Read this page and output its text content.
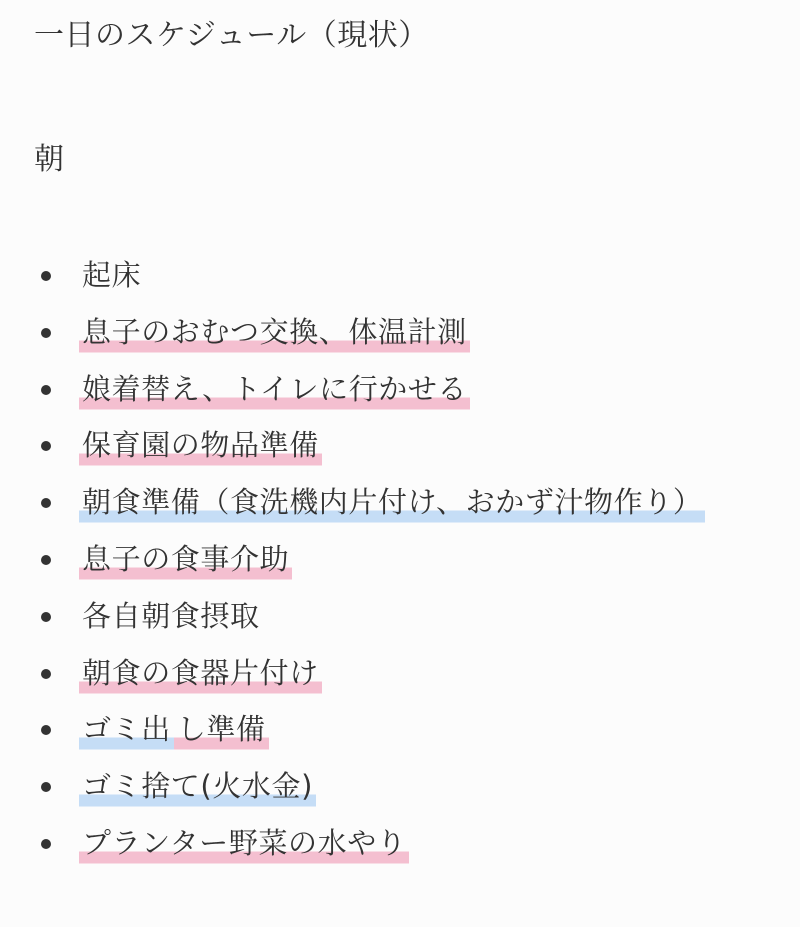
一日のスケジュール（現状）
朝
起床
息子のおむつ交換、体温計測
娘着替え、トイレに行かせる
保育園の物品準備
朝食準備（食洗機内片付け、おかず汁物作り）
息子の食事介助
各自朝食摂取
朝食の食器片付け
ゴミ出 し準備
ゴミ捨て(火水金)
プランター野菜の水やり
